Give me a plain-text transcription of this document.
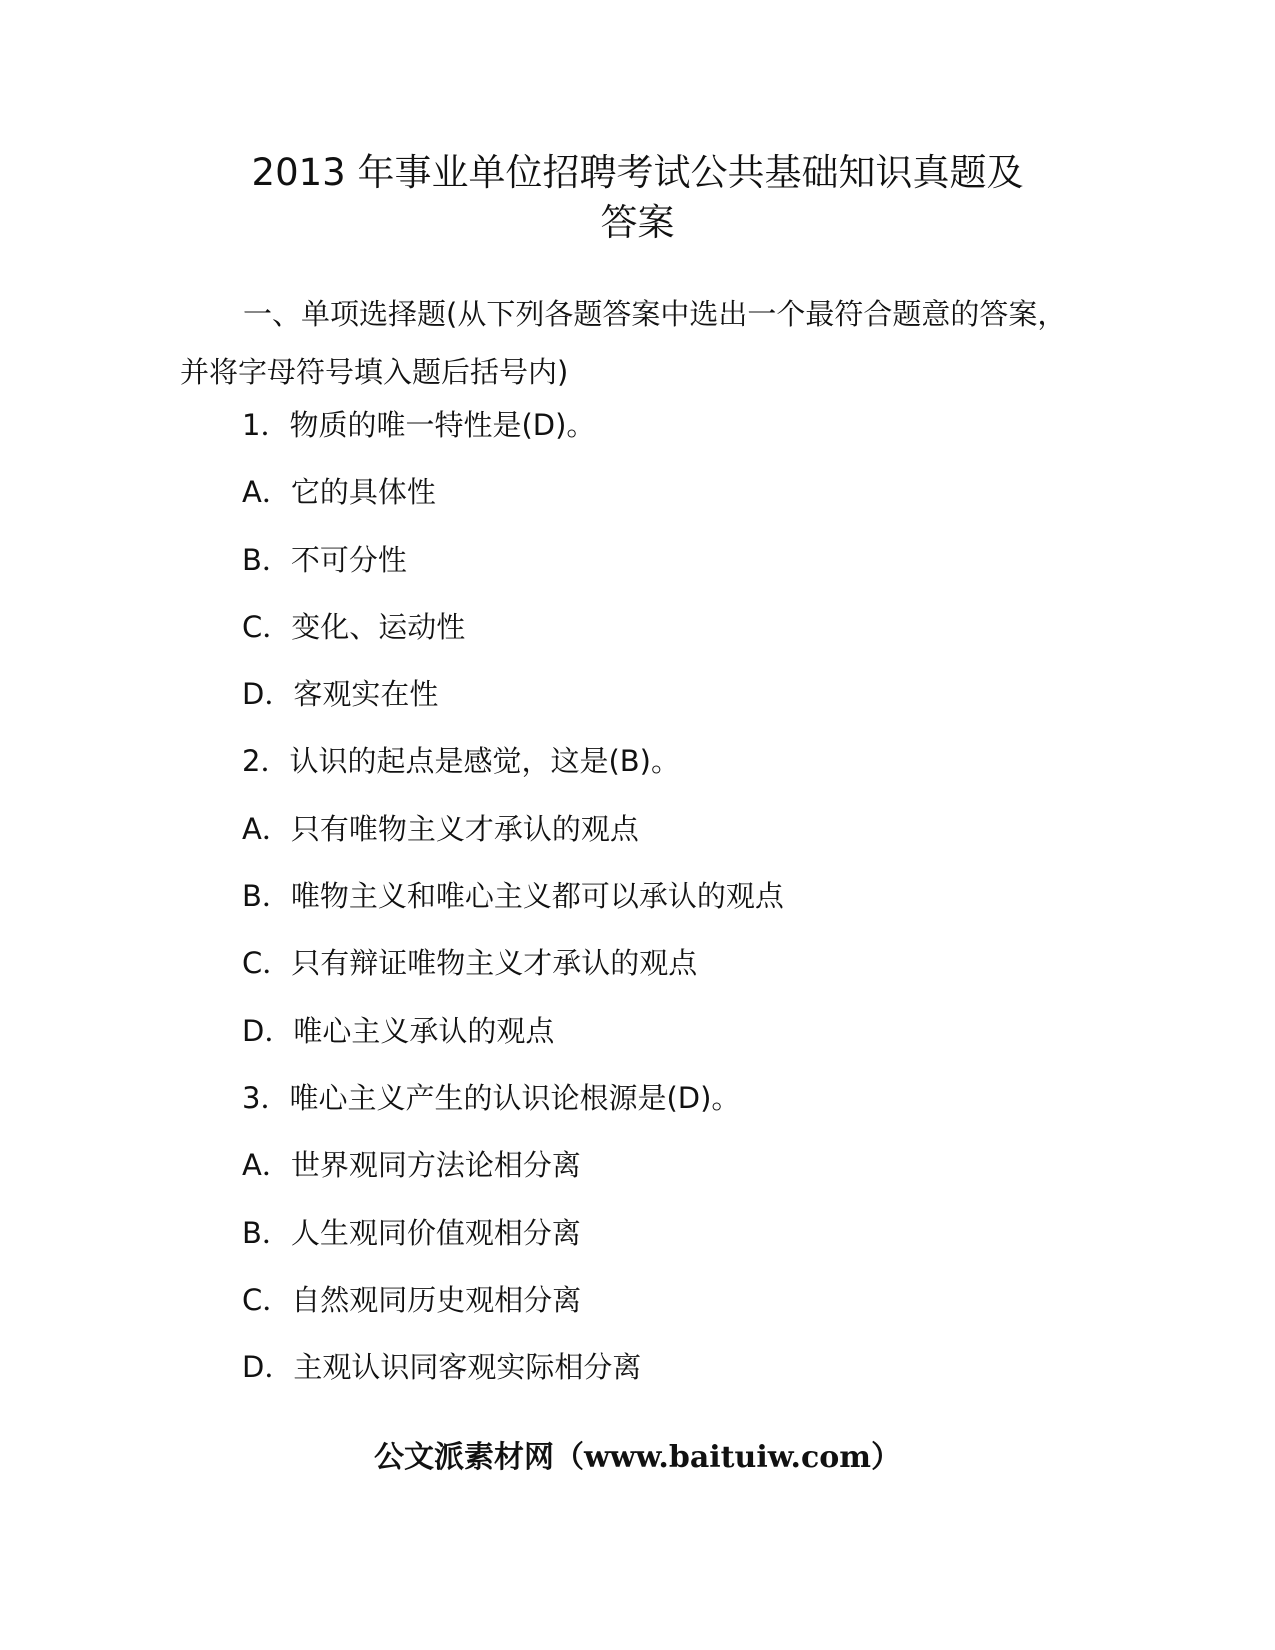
2013 年事业单位招聘考试公共基础知识真题及
答案

一、单项选择题(从下列各题答案中选出一个最符合题意的答案，并将字母符号填入题后括号内)

1．物质的唯一特性是(D)。
A．它的具体性
B．不可分性
C．变化、运动性
D．客观实在性
2．认识的起点是感觉，这是(B)。
A．只有唯物主义才承认的观点
B．唯物主义和唯心主义都可以承认的观点
C．只有辩证唯物主义才承认的观点
D．唯心主义承认的观点
3．唯心主义产生的认识论根源是(D)。
A．世界观同方法论相分离
B．人生观同价值观相分离
C．自然观同历史观相分离
D．主观认识同客观实际相分离
公文派素材网（www.baituiw.com）
